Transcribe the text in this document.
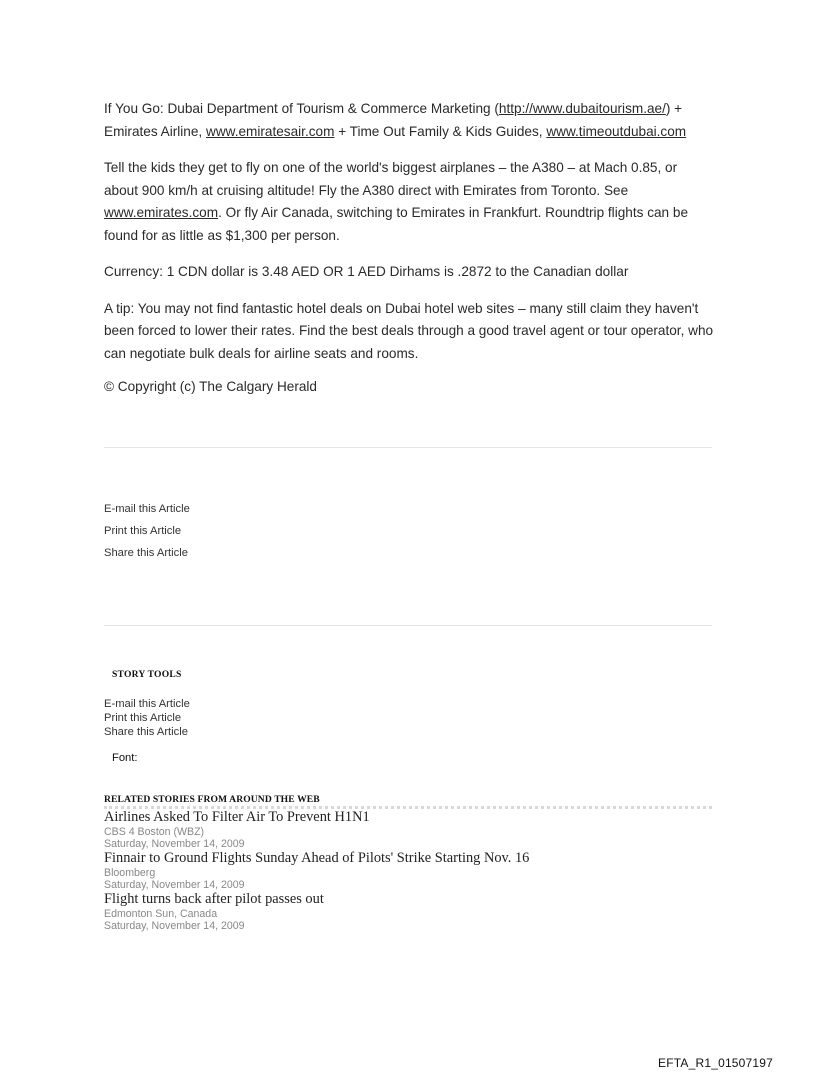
If You Go: Dubai Department of Tourism & Commerce Marketing (http://www.dubaitourism.ae/) + Emirates Airline, www.emiratesair.com + Time Out Family & Kids Guides, www.timeoutdubai.com

Tell the kids they get to fly on one of the world's biggest airplanes – the A380 – at Mach 0.85, or about 900 km/h at cruising altitude! Fly the A380 direct with Emirates from Toronto. See www.emirates.com. Or fly Air Canada, switching to Emirates in Frankfurt. Roundtrip flights can be found for as little as $1,300 per person.

Currency: 1 CDN dollar is 3.48 AED OR 1 AED Dirhams is .2872 to the Canadian dollar

A tip: You may not find fantastic hotel deals on Dubai hotel web sites – many still claim they haven't been forced to lower their rates. Find the best deals through a good travel agent or tour operator, who can negotiate bulk deals for airline seats and rooms.

© Copyright (c) The Calgary Herald

E-mail this Article
Print this Article
Share this Article
STORY TOOLS
E-mail this Article
Print this Article
Share this Article
Font:
RELATED STORIES FROM AROUND THE WEB
Airlines Asked To Filter Air To Prevent H1N1
CBS 4 Boston (WBZ)
Saturday, November 14, 2009
Finnair to Ground Flights Sunday Ahead of Pilots' Strike Starting Nov. 16
Bloomberg
Saturday, November 14, 2009
Flight turns back after pilot passes out
Edmonton Sun, Canada
Saturday, November 14, 2009
EFTA_R1_01507197
